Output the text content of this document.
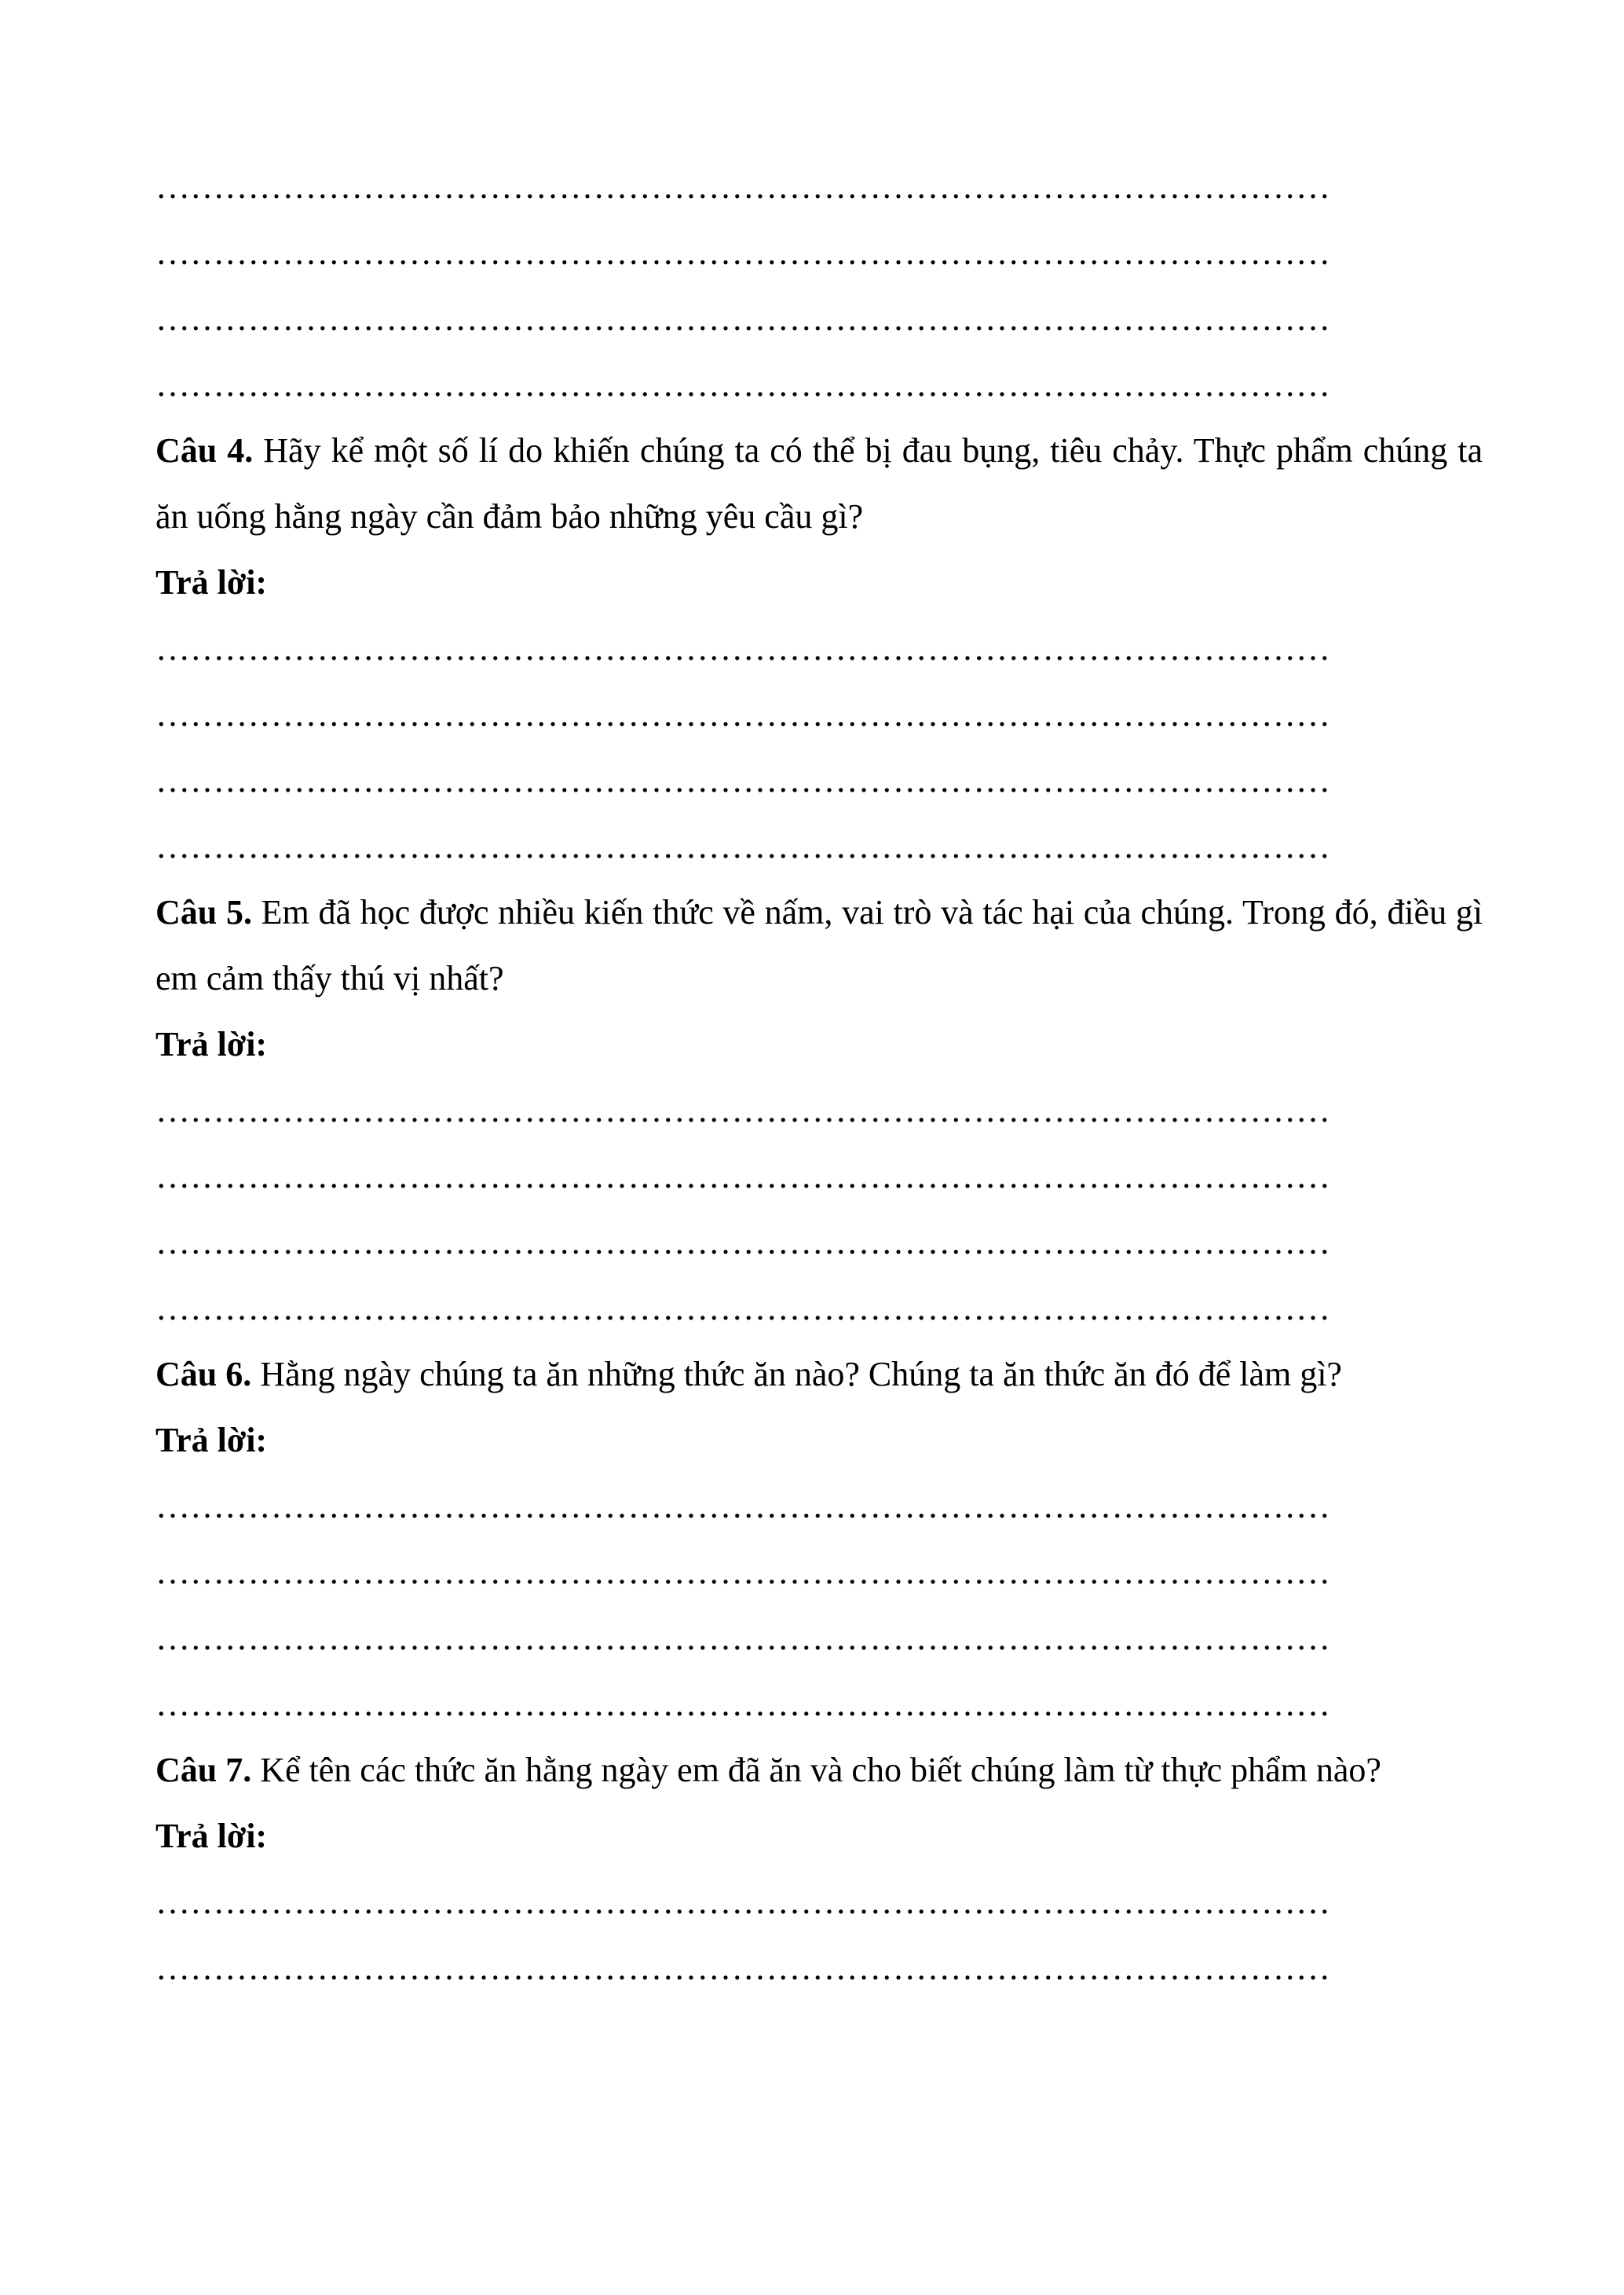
…………………………………………………………………………………………
…………………………………………………………………………………………
…………………………………………………………………………………………
…………………………………………………………………………………………
Câu 4. Hãy kể một số lí do khiến chúng ta có thể bị đau bụng, tiêu chảy. Thực phẩm chúng ta ăn uống hằng ngày cần đảm bảo những yêu cầu gì?
Trả lời:
…………………………………………………………………………………………
…………………………………………………………………………………………
…………………………………………………………………………………………
…………………………………………………………………………………………
Câu 5. Em đã học được nhiều kiến thức về nấm, vai trò và tác hại của chúng. Trong đó, điều gì em cảm thấy thú vị nhất?
Trả lời:
…………………………………………………………………………………………
…………………………………………………………………………………………
…………………………………………………………………………………………
…………………………………………………………………………………………
Câu 6. Hằng ngày chúng ta ăn những thức ăn nào? Chúng ta ăn thức ăn đó để làm gì?
Trả lời:
…………………………………………………………………………………………
…………………………………………………………………………………………
…………………………………………………………………………………………
…………………………………………………………………………………………
Câu 7. Kể tên các thức ăn hằng ngày em đã ăn và cho biết chúng làm từ thực phẩm nào?
Trả lời:
…………………………………………………………………………………………
…………………………………………………………………………………………
